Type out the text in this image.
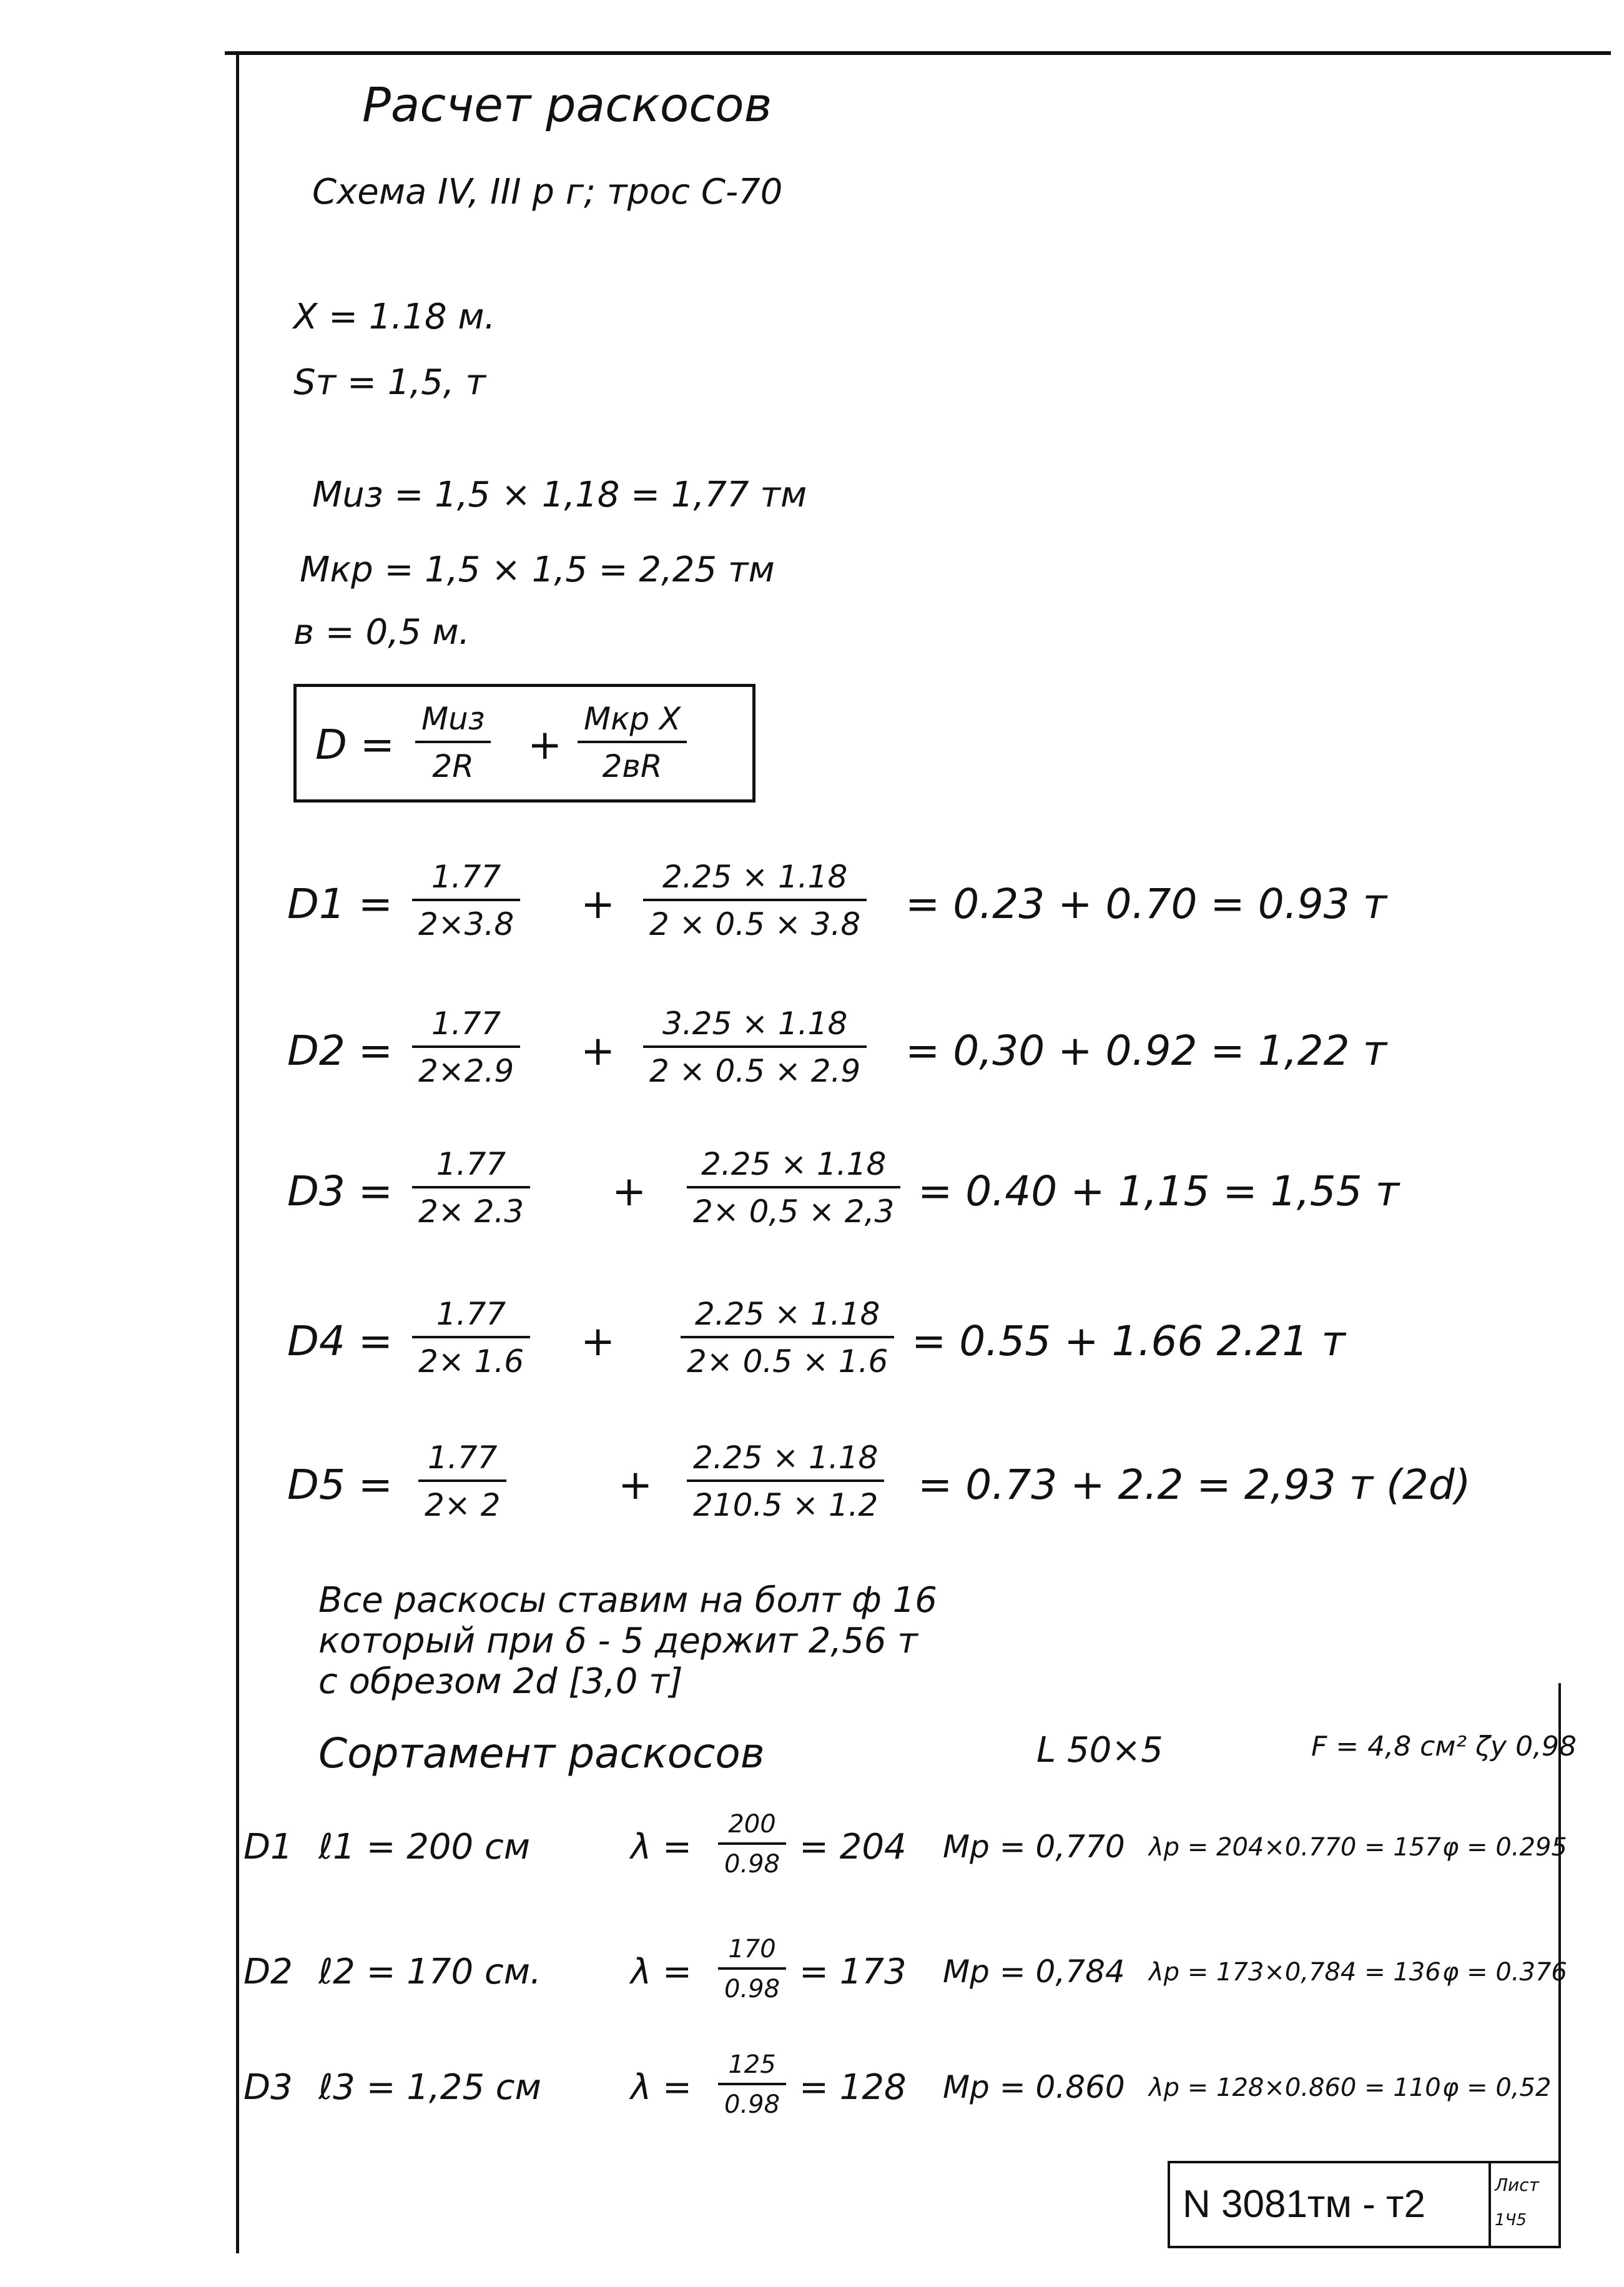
Расчет раскосов
Схема IV, III р г; трос С-70
X = 1.18 м.
Sт = 1,5, т
Мuз = 1,5 × 1,18 = 1,77 тм
Мкр = 1,5 × 1,5 = 2,25 тм
в = 0,5 м.
D =
Мuз
2R	+
Мкр X
2вR
$D1 = \frac{1.77}{2\times 3.8} + \frac{2.25 \times 1.18}{2 \times 0.5 \times 3.8} = 0.23 + 0.70 = 0.93$ т
$D2 = \frac{1.77}{2\times 2.9} + \frac{3.25 \times 1.18}{2 \times 0.5 \times 2.9} = 0,30 + 0.92 = 1,22$ т
$D3 = \frac{1.77}{2\times 2.3} + \frac{2.25 \times 1.18}{2\times 0,5 \times 2,3} = 0.40 + 1,15 = 1,55$ т
$D4 = \frac{1.77}{2\times 1.6} + \frac{2.25 \times 1.18}{2\times 0.5 \times 1.6} = 0.55 + 1.66$ 2.21 т
$D5 = \frac{1.77}{2\times 2}$	+ $\frac{2.25 \times 1.18}{210.5 \times 1.2} = 0.73 + 2.2 = 2,93$ т (2d)
Все раскосы ставим на болт ф 16
который при δ - 5 держит 2,56 т
с обрезом 2d [3,0 т]
Сортамент раскосов	L 50×5	F = 4,8 см² ζy 0,98
D1 ℓ1 = 200 см	$\lambda = \frac{200}{0.98} = 204$ Мр = 0,770 λр = 204×0.770 = 157 φ = 0.295
D2 ℓ2 = 170 см.	$\lambda = \frac{170}{0.98} = 173$ Мр = 0,784 λр = 173×0,784 = 136 φ = 0.376
D3 ℓ3 = 1,25 см	$\lambda = \frac{125}{0.98} = 128$ Мр = 0.860 λр = 128×0.860 = 110 φ = 0,52
N 3081тм - т2	Лист
1Ч5
